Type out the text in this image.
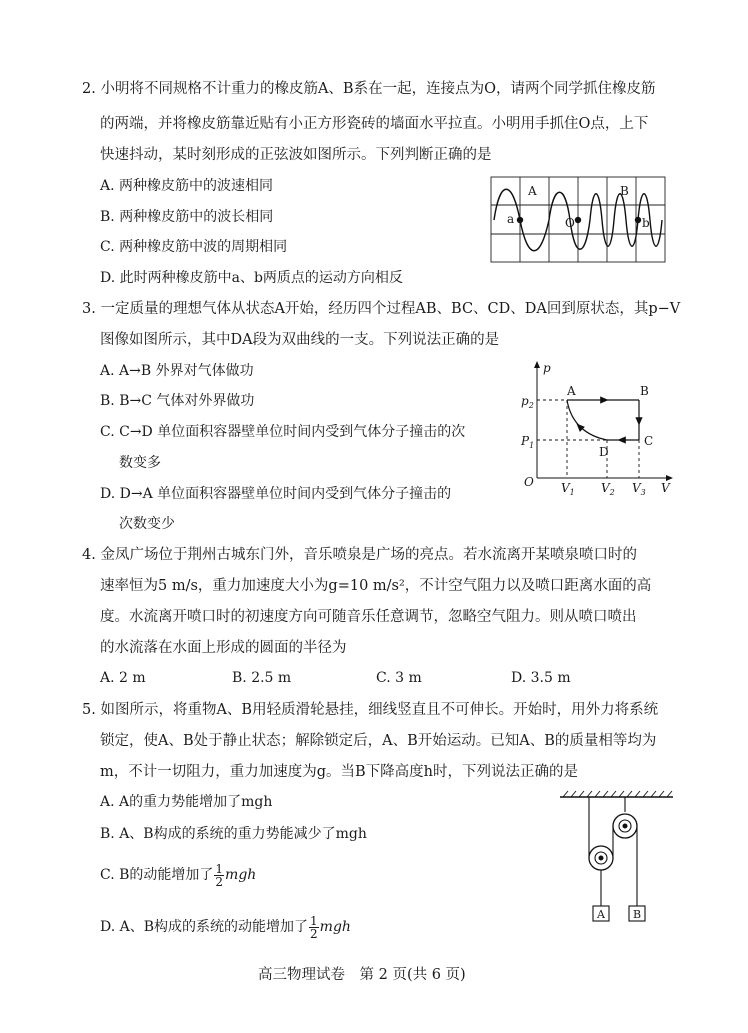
2. 小明将不同规格不计重力的橡皮筋A、B系在一起，连接点为O，请两个同学抓住橡皮筋
的两端，并将橡皮筋靠近贴有小正方形瓷砖的墙面水平拉直。小明用手抓住O点，上下
快速抖动，某时刻形成的正弦波如图所示。下列判断正确的是
A. 两种橡皮筋中的波速相同
B. 两种橡皮筋中的波长相同
C. 两种橡皮筋中波的周期相同
D. 此时两种橡皮筋中a、b两质点的运动方向相反
A	B
a	O	b
3. 一定质量的理想气体从状态A开始，经历四个过程AB、BC、CD、DA回到原状态，其p−V
图像如图所示，其中DA段为双曲线的一支。下列说法正确的是
A. A→B 外界对气体做功
B. B→C 气体对外界做功
C. C→D 单位面积容器壁单位时间内受到气体分子撞击的次
数变多
D. D→A 单位面积容器壁单位时间内受到气体分子撞击的
次数变少
p
V
O
$p_2$
$P_1$
$V_1$ $V_2$ $V_3$
A	B
C
D
4. 金凤广场位于荆州古城东门外，音乐喷泉是广场的亮点。若水流离开某喷泉喷口时的
速率恒为5 m/s，重力加速度大小为g=10 m/s²，不计空气阻力以及喷口距离水面的高
度。水流离开喷口时的初速度方向可随音乐任意调节，忽略空气阻力。则从喷口喷出
的水流落在水面上形成的圆面的半径为
A. 2 m	B. 2.5 m	C. 3 m	D. 3.5 m
5. 如图所示，将重物A、B用轻质滑轮悬挂，细线竖直且不可伸长。开始时，用外力将系统
锁定，使A、B处于静止状态；解除锁定后，A、B开始运动。已知A、B的质量相等均为
m，不计一切阻力，重力加速度为g。当B下降高度h时，下列说法正确的是
A. A的重力势能增加了mgh
B. A、B构成的系统的重力势能减少了mgh
C. B的动能增加了 $\frac{1}{2}$ mgh
D. A、B构成的系统的动能增加了 $\frac{1}{2}$ mgh
A	B
高三物理试卷　第 2 页(共 6 页)
